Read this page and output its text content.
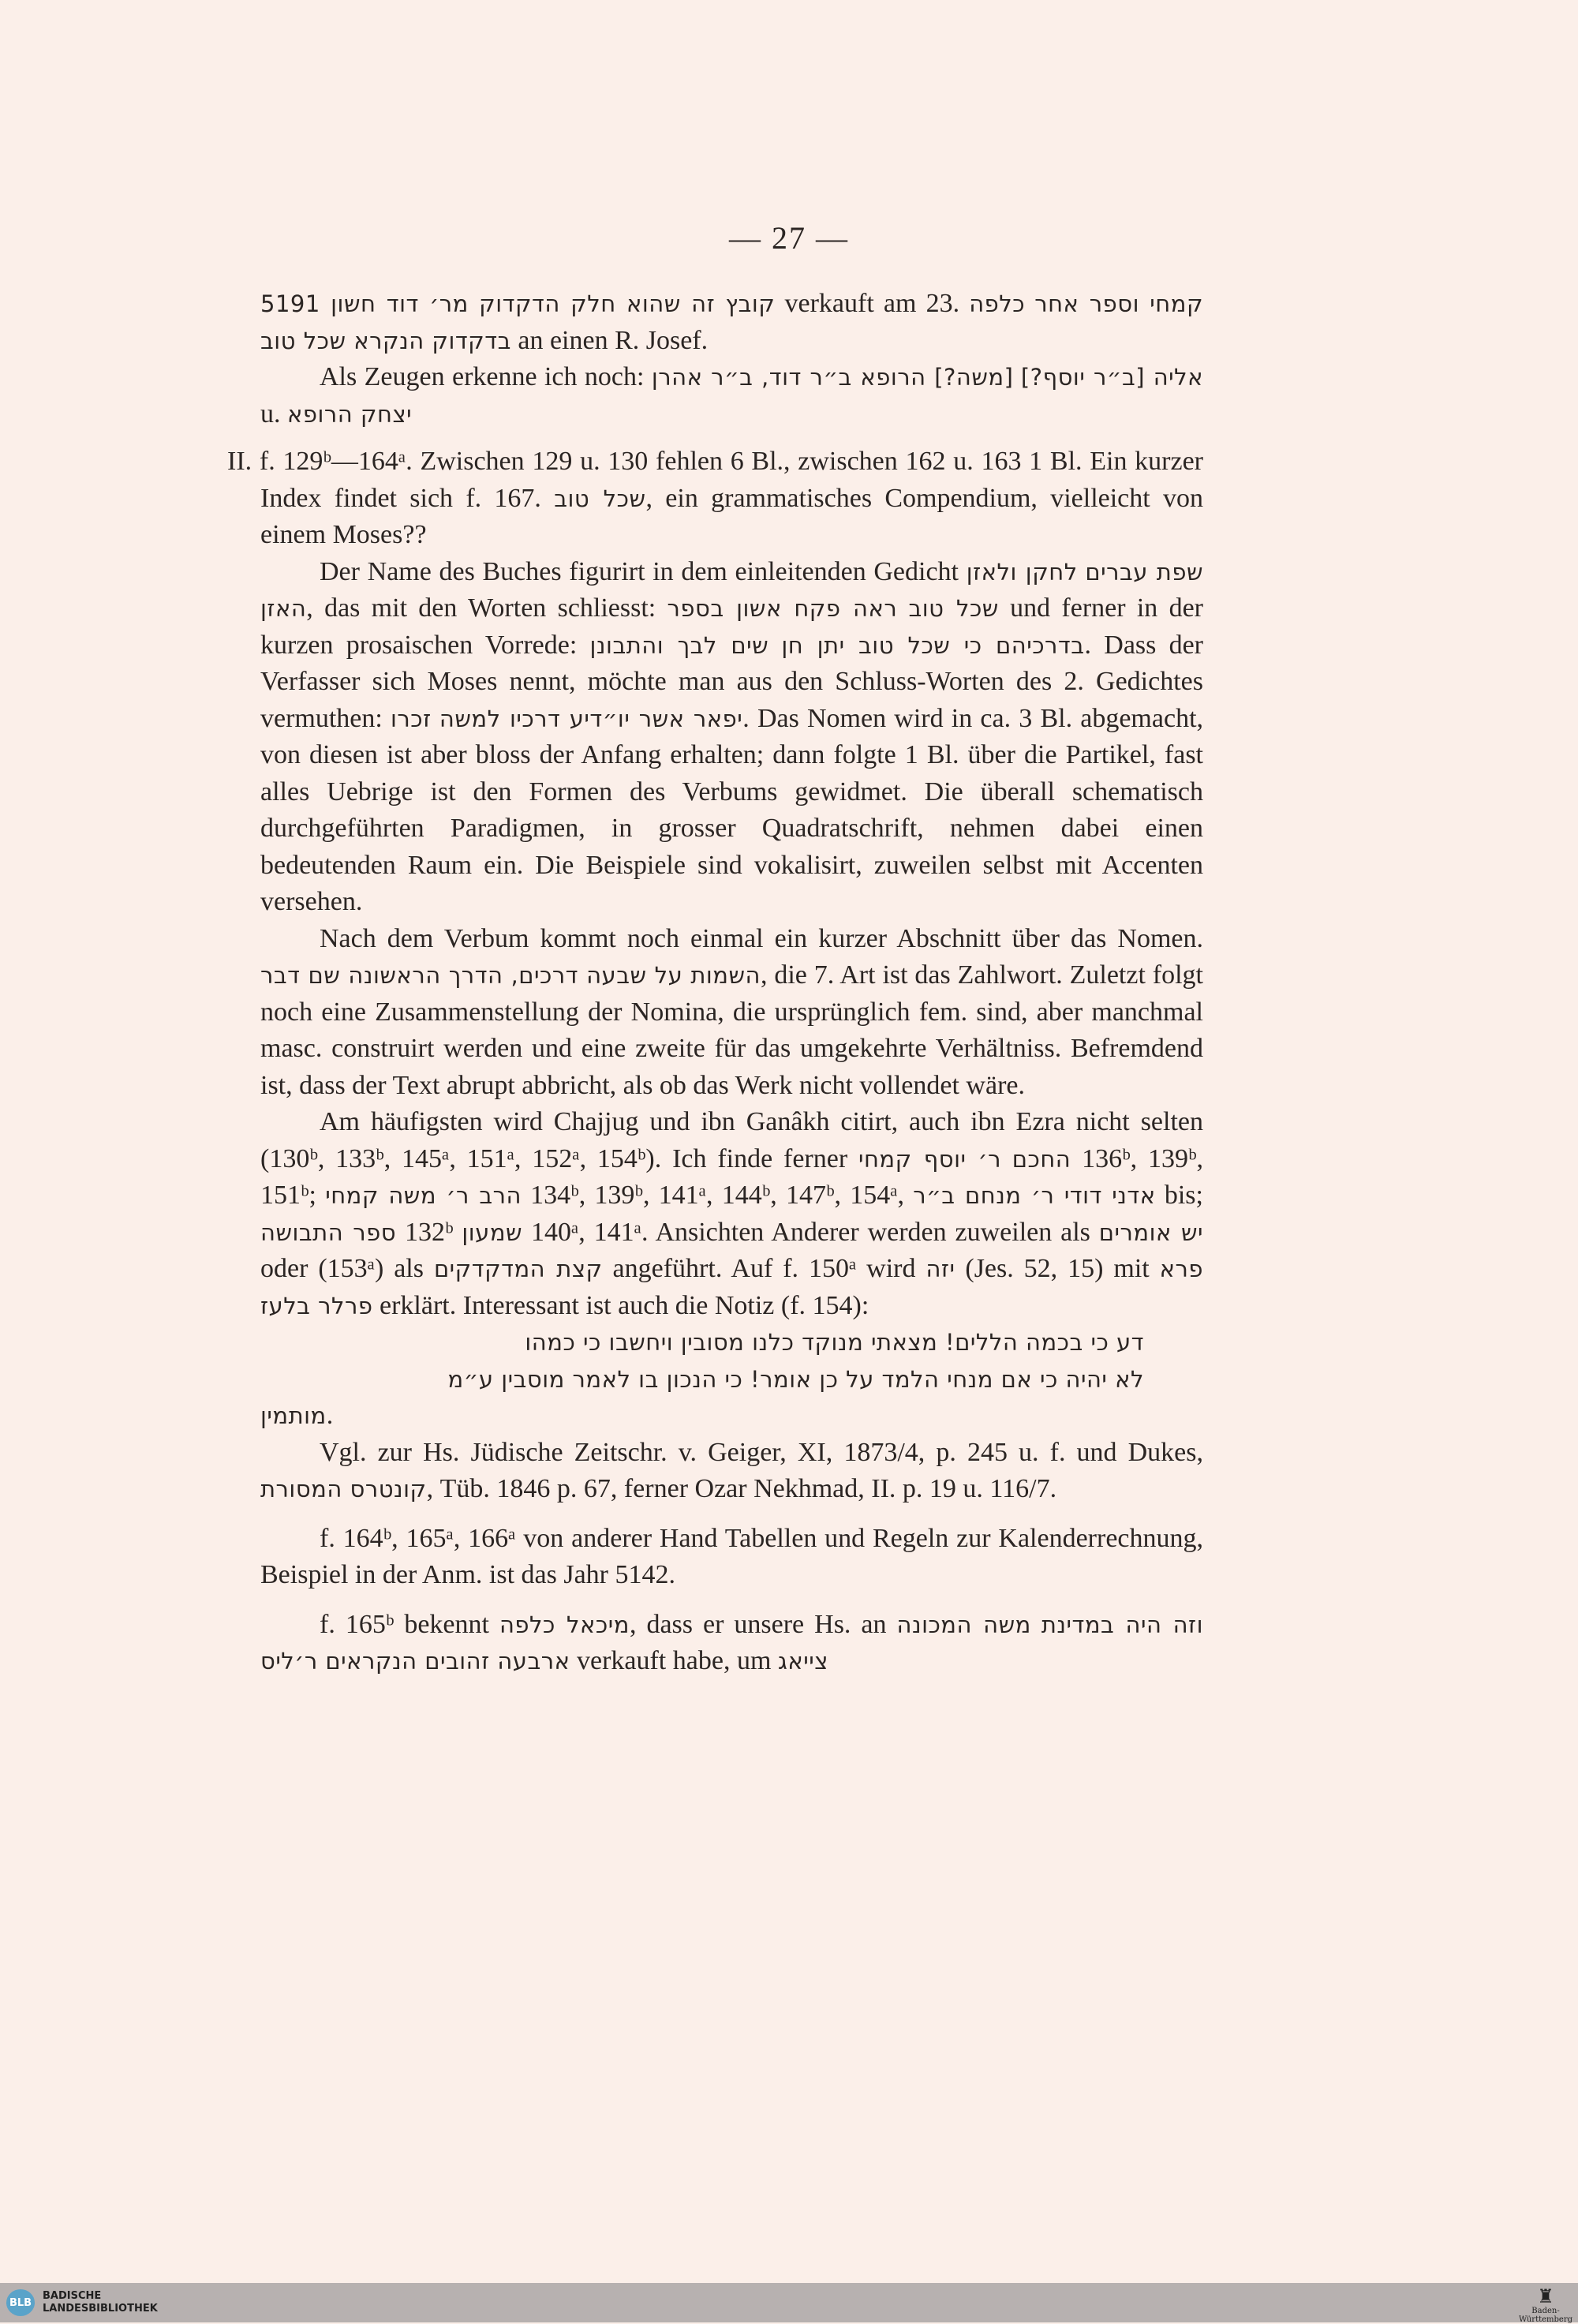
— 27 —

קובץ זה שהוא חלק הדקדוק מר׳ דוד חשון 5191 verkauft am 23. כלפה קמחי וספר אחר בדקדוק הנקרא שכל טוב an einen R. Josef.

Als Zeugen erkenne ich noch: [משה?] הרופא ב״ר דוד, ב״ר אהרן אליה [ב״ר יוסף?] u. יצחק הרופא

II. f. 129ᵇ—164ᵃ. Zwischen 129 u. 130 fehlen 6 Bl., zwischen 162 u. 163 1 Bl. Ein kurzer Index findet sich f. 167. שכל טוב, ein grammatisches Compendium, vielleicht von einem Moses??

Der Name des Buches figurirt in dem einleitenden Gedicht לחקן ולאזן שפת עברים האזן, das mit den Worten schliesst: ראה פקח אשון בספר שכל טוב und ferner in der kurzen prosaischen Vorrede: שים לבך והתבונן בדרכיהם כי שכל טוב יתן חן. Dass der Verfasser sich Moses nennt, möchte man aus den Schluss-Worten des 2. Gedichtes vermuthen: זכרו יפאר אשר יו״דיע דרכיו למשה. Das Nomen wird in ca. 3 Bl. abgemacht, von diesen ist aber bloss der Anfang erhalten; dann folgte 1 Bl. über die Partikel, fast alles Uebrige ist den Formen des Verbums gewidmet. Die überall schematisch durchgeführten Paradigmen, in grosser Quadratschrift, nehmen dabei einen bedeutenden Raum ein. Die Beispiele sind vokalisirt, zuweilen selbst mit Accenten versehen.

Nach dem Verbum kommt noch einmal ein kurzer Abschnitt über das Nomen. השמות על שבעה דרכים, הדרך הראשונה שם דבר, die 7. Art ist das Zahlwort. Zuletzt folgt noch eine Zusammenstellung der Nomina, die ursprünglich fem. sind, aber manchmal masc. construirt werden und eine zweite für das umgekehrte Verhältniss. Befremdend ist, dass der Text abrupt abbricht, als ob das Werk nicht vollendet wäre.

Am häufigsten wird Chajjug und ibn Ganâkh citirt, auch ibn Ezra nicht selten (130ᵇ, 133ᵇ, 145ᵃ, 151ᵃ, 152ᵃ, 154ᵇ). Ich finde ferner ר׳ יוסף קמחי החכם 136ᵇ, 139ᵇ, 151ᵇ; הרב ר׳ משה קמחי 134ᵇ, 139ᵇ, 141ᵃ, 144ᵇ, 147ᵇ, 154ᵃ, אדני דודי ר׳ מנחם ב״ר bis; ספר התבושה 132ᵇ שמעון 140ᵃ, 141ᵃ. Ansichten Anderer werden zuweilen als יש אומרים oder (153ᵃ) als קצת המדקדקים angeführt. Auf f. 150ᵃ wird יזה (Jes. 52, 15) mit פרא פרלר בלעז erklärt. Interessant ist auch die Notiz (f. 154):
דע כי בכמה הללים! מצאתי מנוקד כלנו מסובין ויחשבו כי כמהו
לא יהיה כי אם מנחי הלמד על כן אומר! כי הנכון בו לאמר מוסבין ע״מ
מותמין.

Vgl. zur Hs. Jüdische Zeitschr. v. Geiger, XI, 1873/4, p. 245 u. f. und Dukes, קונטרס המסורת, Tüb. 1846 p. 67, ferner Ozar Nekhmad, II. p. 19 u. 116/7.

f. 164ᵇ, 165ᵃ, 166ᵃ von anderer Hand Tabellen und Regeln zur Kalenderrechnung, Beispiel in der Anm. ist das Jahr 5142.

f. 165ᵇ bekennt מיכאל כלפה, dass er unsere Hs. an משה המכונה וזה היה במדינת ארבעה זהובים הנקראים ר׳ליס verkauft habe, um צייאג

BLB
BADISCHE
LANDESBIBLIOTHEK
♜
Baden-Württemberg
